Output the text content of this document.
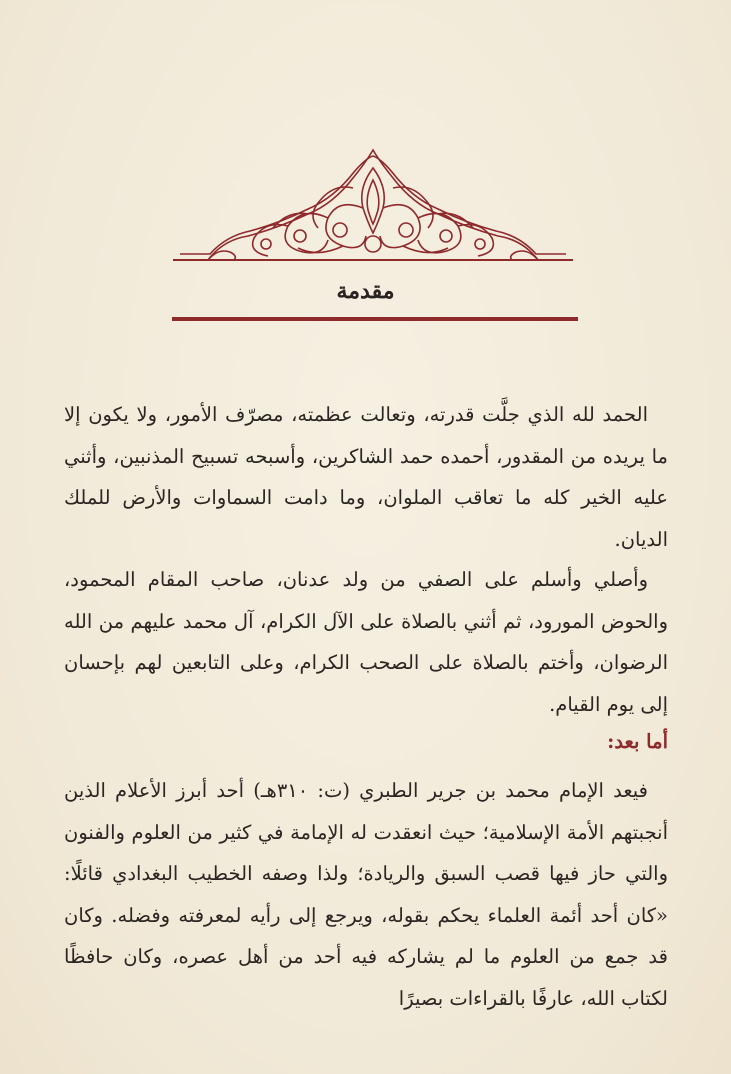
مقدمة

الحمد لله الذي جلَّت قدرته، وتعالت عظمته، مصرّف الأمور، ولا يكون إلا ما يريده من المقدور، أحمده حمد الشاكرين، وأسبحه تسبيح المذنبين، وأثني عليه الخير كله ما تعاقب الملوان، وما دامت السماوات والأرض للملك الديان.

وأصلي وأسلم على الصفي من ولد عدنان، صاحب المقام المحمود، والحوض المورود، ثم أثني بالصلاة على الآل الكرام، آل محمد عليهم من الله الرضوان، وأختم بالصلاة على الصحب الكرام، وعلى التابعين لهم بإحسان إلى يوم القيام.

أما بعد:

فيعد الإمام محمد بن جرير الطبري (ت: ٣١٠هـ) أحد أبرز الأعلام الذين أنجبتهم الأمة الإسلامية؛ حيث انعقدت له الإمامة في كثير من العلوم والفنون والتي حاز فيها قصب السبق والريادة؛ ولذا وصفه الخطيب البغدادي قائلًا: «كان أحد أئمة العلماء يحكم بقوله، ويرجع إلى رأيه لمعرفته وفضله. وكان قد جمع من العلوم ما لم يشاركه فيه أحد من أهل عصره، وكان حافظًا لكتاب الله، عارفًا بالقراءات بصيرًا
